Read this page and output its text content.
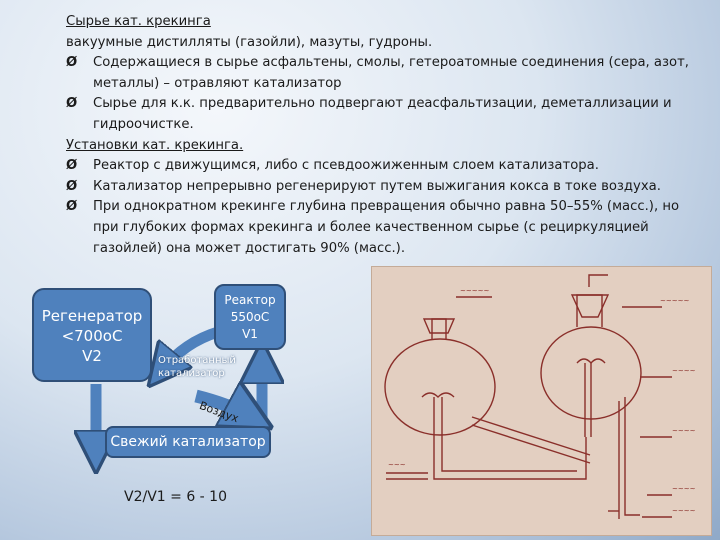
Сырье кат. крекинга

вакуумные дистилляты (газойли), мазуты, гудроны.

Ø	Содержащиеся в сырье асфальтены, смолы, гетероатомные соединения (сера, азот, металлы) – отравляют катализатор
Ø	Сырье для к.к. предварительно подвергают деасфальтизации, деметаллизации и гидроочистке.

Установки кат. крекинга.

Ø	Реактор с движущимся, либо с псевдоожиженным слоем катализатора.
Ø	Катализатор непрерывно регенерируют путем выжигания кокса в токе воздуха.
Ø	При однократном крекинге глубина превращения обычно равна 50–55% (масс.), но при глубоких формах крекинга и более качественном сырье (с рециркуляцией газойлей) она может достигать 90% (масс.).
Регенератор
<700oC
V2
Реактор
550oC
V1
Отработанный
катализатор
Воздух
Свежий катализатор
V2/V1 = 6 - 10
~~~~~
~~~~~
~~~~
~~~~
~~~~
~~~~
~~~
